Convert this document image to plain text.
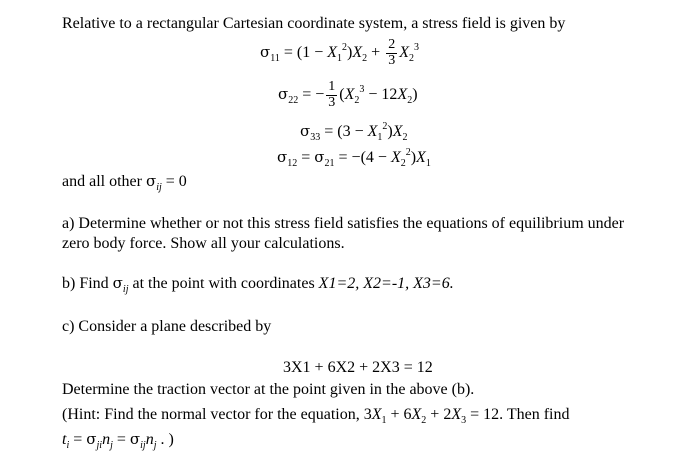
Relative to a rectangular Cartesian coordinate system, a stress field is given by
$\sigma_{11} = (1 - X_1^2)X_2 + \frac{2}{3} X_2^3$
$\sigma_{22}$ = − $\frac{1}{3} (X_2^3 - 12X_2)$
$\sigma_{33} = (3 - X_1^2)X_2$
$\sigma_{12} = \sigma_{21} = -(4 - X_2^2)X_1$
and all other $\sigma_{ij} = 0$
a) Determine whether or not this stress field satisfies the equations of equilibrium under
zero body force. Show all your calculations.
b) Find $\sigma_{ij}$ at the point with coordinates X1=2, X2=-1, X3=6.
c) Consider a plane described by
3X1 + 6X2 + 2X3 = 12
Determine the traction vector at the point given in the above (b).
(Hint: Find the normal vector for the equation, $3X_1 + 6X_2 + 2X_3 = 12$. Then find
$t_i = \sigma_{ji}n_j = \sigma_{ij}n_j$ . )
